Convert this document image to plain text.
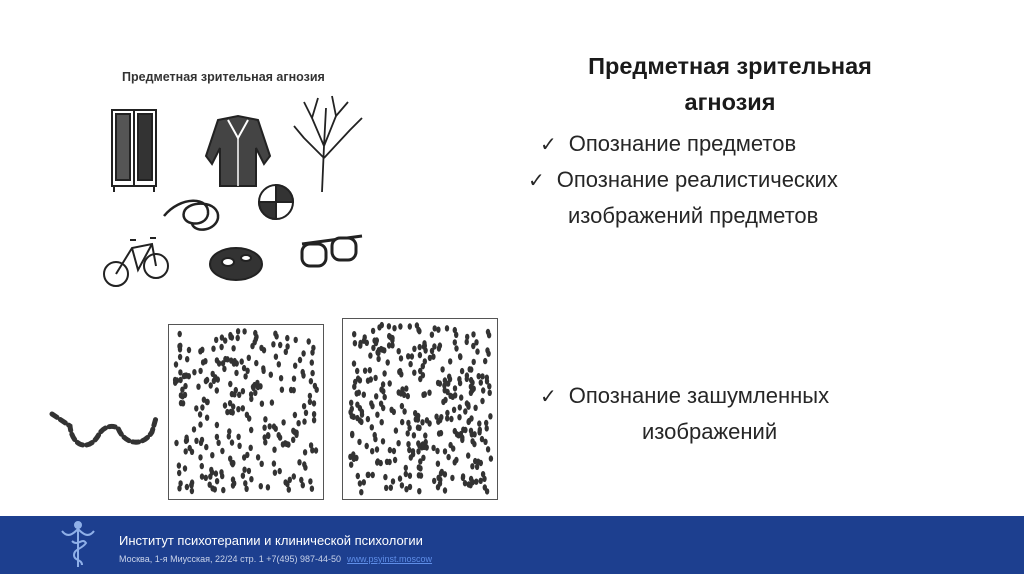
Предметная зрительная агнозия	Предметная зрительная
агнозия
✓ Опознание предметов
✓ Опознание реалистических
изображений предметов
✓ Опознание зашумленных
изображений
Институт психотерапии и клинической психологии
Москва, 1-я Миусская, 22/24 стр. 1 +7(495) 987-44-50 www.psyinst.moscow
